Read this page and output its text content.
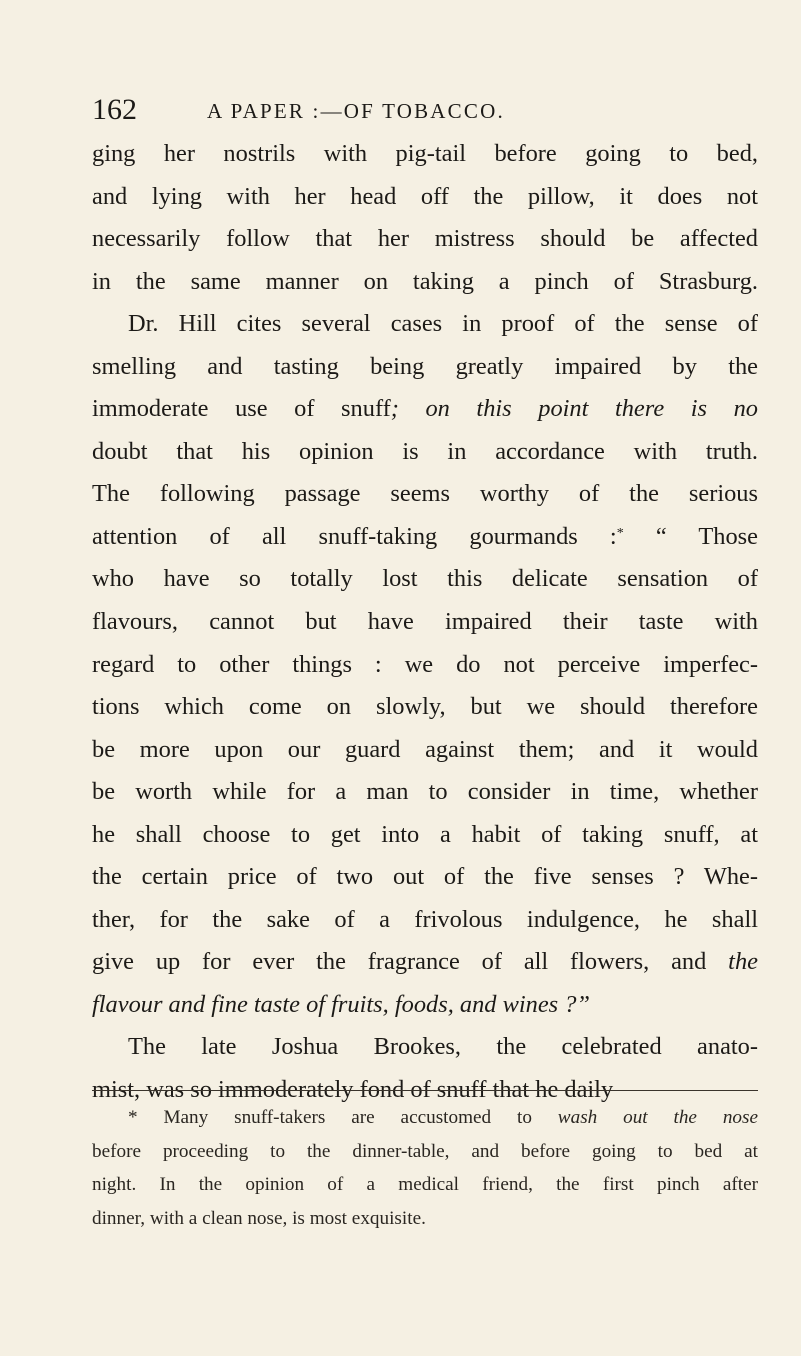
162	A PAPER :—OF TOBACCO.
ging her nostrils with pig-tail before going to bed,
and lying with her head off the pillow, it does not
necessarily follow that her mistress should be affected
in the same manner on taking a pinch of Strasburg.
Dr. Hill cites several cases in proof of the sense of
smelling and tasting being greatly impaired by the
immoderate use of snuff; on this point there is no
doubt that his opinion is in accordance with truth.
The following passage seems worthy of the serious
attention of all snuff-taking gourmands :* “ Those
who have so totally lost this delicate sensation of
flavours, cannot but have impaired their taste with
regard to other things : we do not perceive imperfec-
tions which come on slowly, but we should therefore
be more upon our guard against them; and it would
be worth while for a man to consider in time, whether
he shall choose to get into a habit of taking snuff, at
the certain price of two out of the five senses ? Whe-
ther, for the sake of a frivolous indulgence, he shall
give up for ever the fragrance of all flowers, and the
flavour and fine taste of fruits, foods, and wines ?”
The late Joshua Brookes, the celebrated anato-
mist, was so immoderately fond of snuff that he daily
* Many snuff-takers are accustomed to wash out the nose
before proceeding to the dinner-table, and before going to bed at
night. In the opinion of a medical friend, the first pinch after
dinner, with a clean nose, is most exquisite.
